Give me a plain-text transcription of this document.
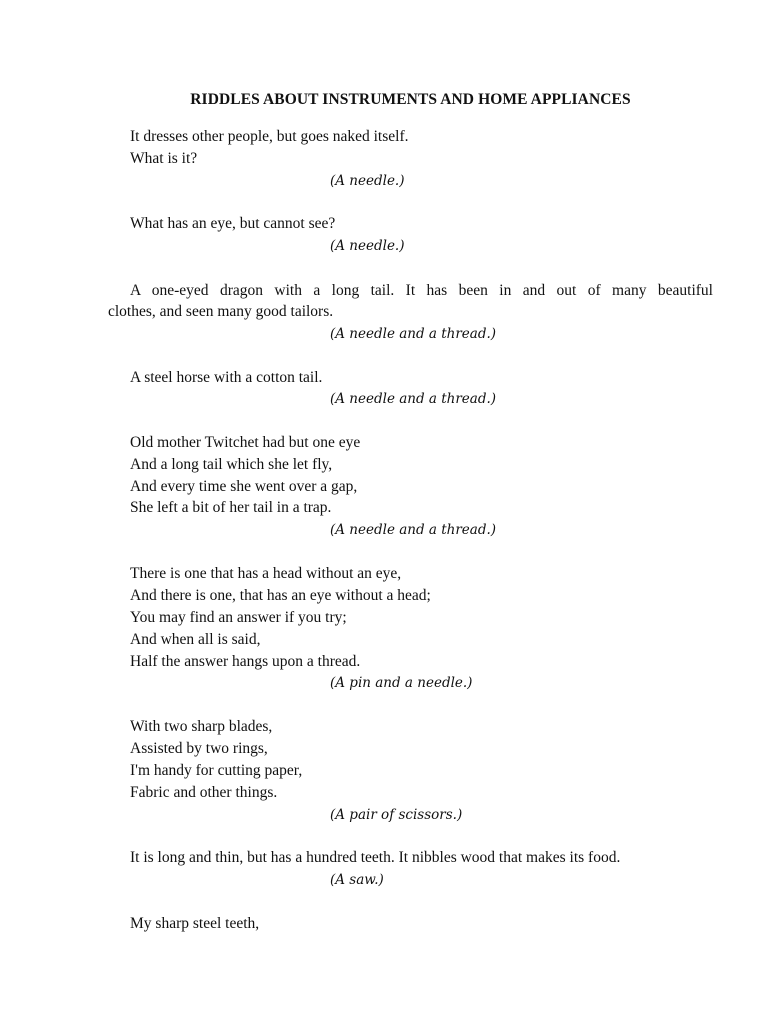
RIDDLES ABOUT INSTRUMENTS AND HOME APPLIANCES
It dresses other people, but goes naked itself.
What is it?
(A needle.)
What has an eye, but cannot see?
(A needle.)
A one-eyed dragon with a long tail. It has been in and out of many beautiful
clothes, and seen many good tailors.
(A needle and a thread.)
A steel horse with a cotton tail.
(A needle and a thread.)
Old mother Twitchet had but one eye
And a long tail which she let fly,
And every time she went over a gap,
She left a bit of her tail in a trap.
(A needle and a thread.)
There is one that has a head without an eye,
And there is one, that has an eye without a head;
You may find an answer if you try;
And when all is said,
Half the answer hangs upon a thread.
(A pin and a needle.)
With two sharp blades,
Assisted by two rings,
I'm handy for cutting paper,
Fabric and other things.
(A pair of scissors.)
It is long and thin, but has a hundred teeth. It nibbles wood that makes its food.
(A saw.)
My sharp steel teeth,
